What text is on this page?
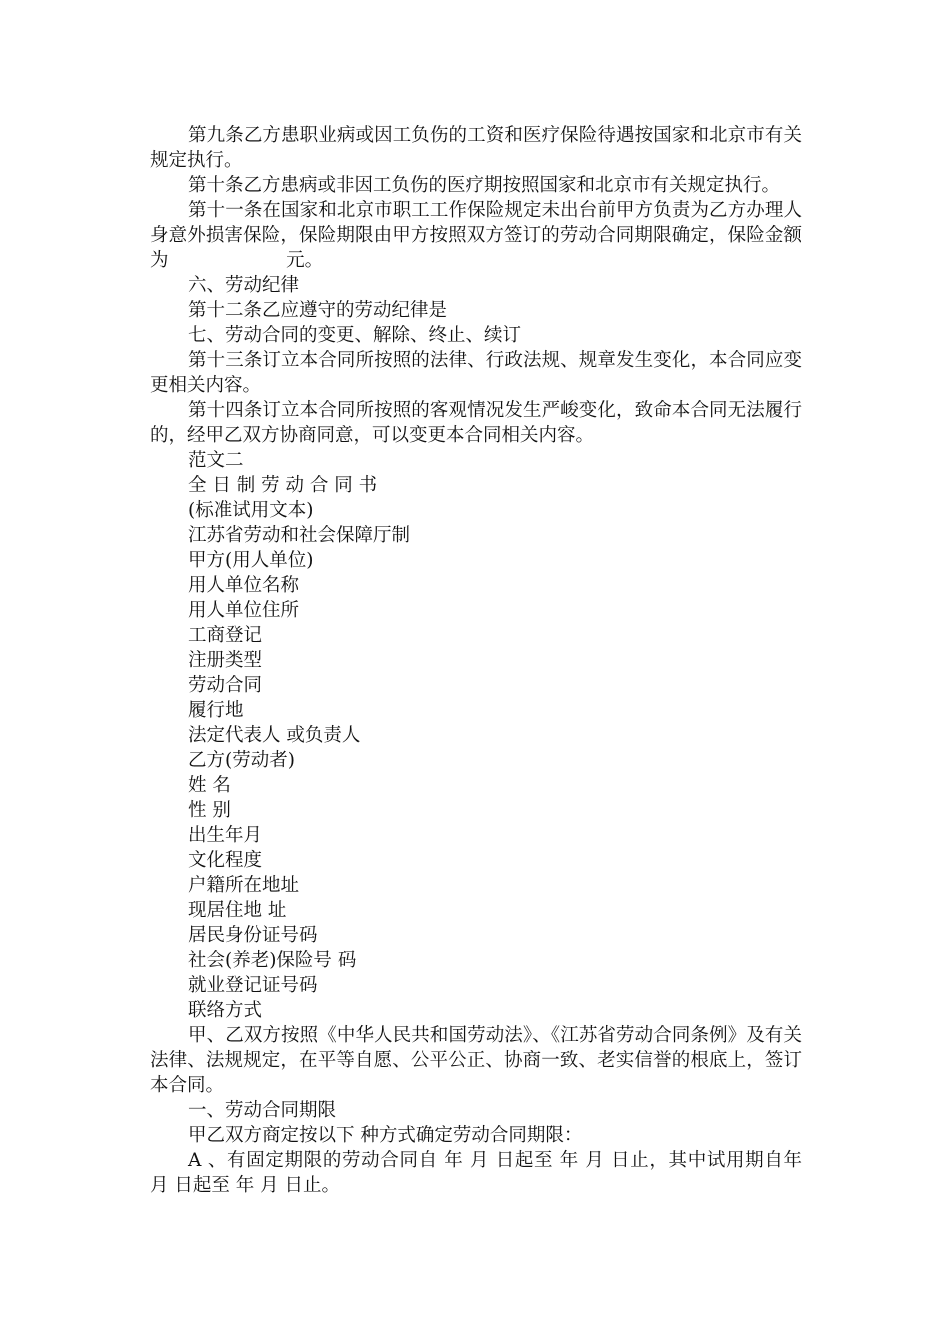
第九条乙方患职业病或因工负伤的工资和医疗保险待遇按国家和北京市有关规定执行。

第十条乙方患病或非因工负伤的医疗期按照国家和北京市有关规定执行。

第十一条在国家和北京市职工工作保险规定未出台前甲方负责为乙方办理人身意外损害保险，保险期限由甲方按照双方签订的劳动合同期限确定，保险金额为                    元。

六、劳动纪律

第十二条乙应遵守的劳动纪律是

七、劳动合同的变更、解除、终止、续订

第十三条订立本合同所按照的法律、行政法规、规章发生变化，本合同应变更相关内容。

第十四条订立本合同所按照的客观情况发生严峻变化，致命本合同无法履行的，经甲乙双方协商同意，可以变更本合同相关内容。

范文二

全 日 制 劳 动 合 同 书

(标准试用文本)

江苏省劳动和社会保障厅制

甲方(用人单位)

用人单位名称

用人单位住所

工商登记

注册类型

劳动合同

履行地

法定代表人 或负责人

乙方(劳动者)

姓 名

性 别

出生年月

文化程度

户籍所在地址

现居住地 址

居民身份证号码

社会(养老)保险号 码

就业登记证号码

联络方式

甲、乙双方按照《中华人民共和国劳动法》、《江苏省劳动合同条例》及有关法律、法规规定，在平等自愿、公平公正、协商一致、老实信誉的根底上，签订本合同。

一、劳动合同期限

甲乙双方商定按以下 种方式确定劳动合同期限：

A 、有固定期限的劳动合同自 年 月 日起至 年 月 日止，其中试用期自年 月 日起至 年 月 日止。
